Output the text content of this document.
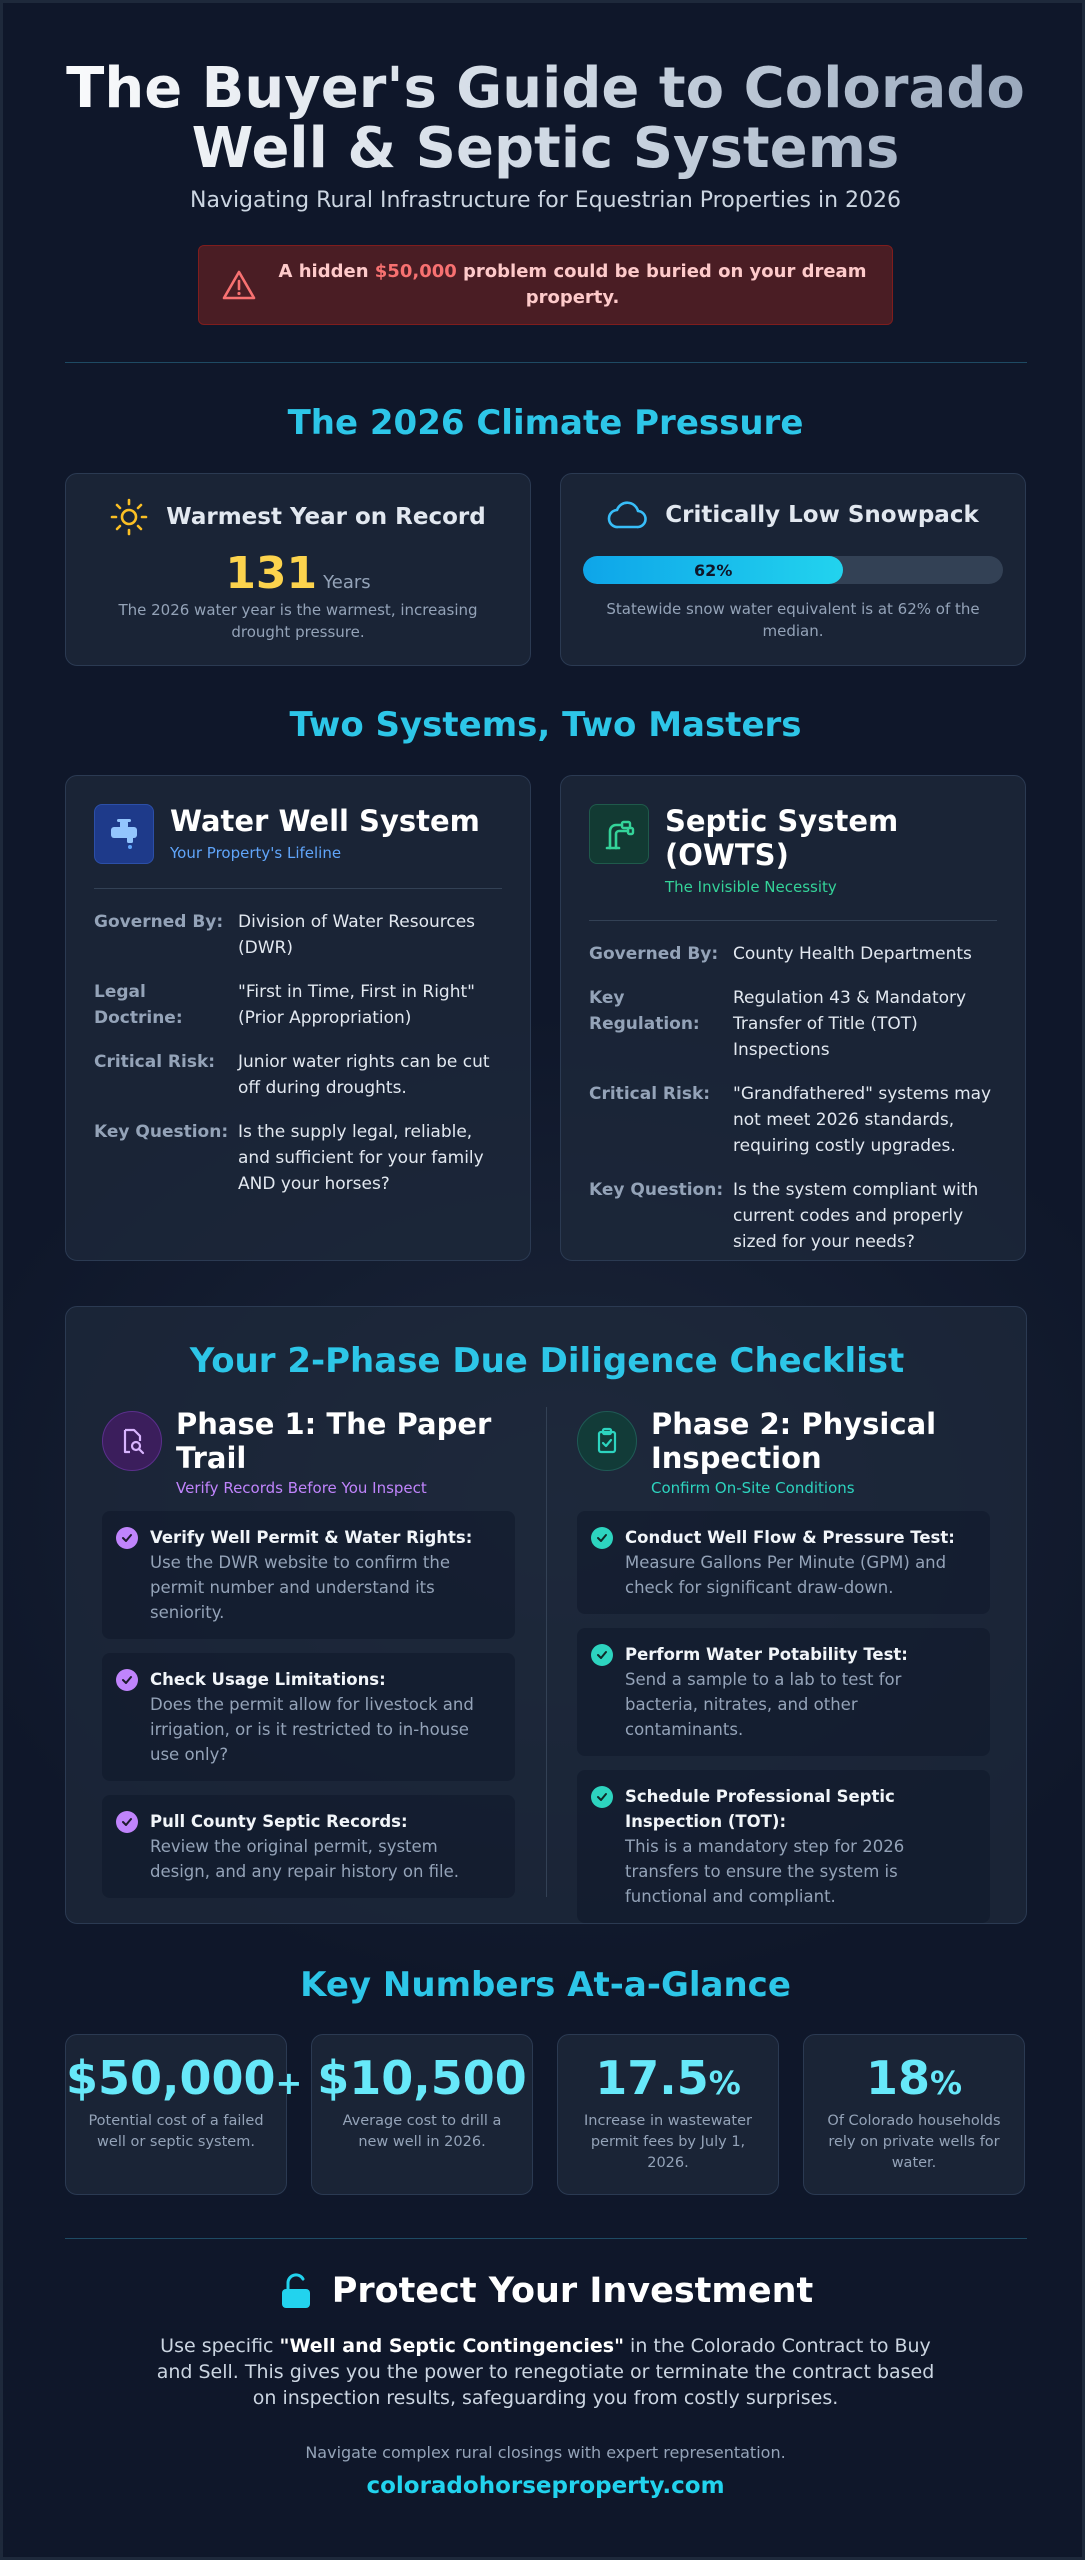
The Buyer's Guide to Colorado
Well & Septic Systems
Navigating Rural Infrastructure for Equestrian Properties in 2026
A hidden $50,000 problem could be buried on your dream property.
The 2026 Climate Pressure
Warmest Year on Record
131 Years
The 2026 water year is the warmest, increasing drought pressure.
Critically Low Snowpack
62%
Statewide snow water equivalent is at 62% of the median.
Two Systems, Two Masters
Water Well System
Your Property's Lifeline
Governed By: Division of Water Resources (DWR)
Legal Doctrine:
"First in Time, First in Right" (Prior Appropriation)
Critical Risk:	Junior water rights can be cut off during droughts.
Key Question: Is the supply legal, reliable, and sufficient for your family AND your horses?
Septic System (OWTS)
The Invisible Necessity
Governed By: County Health Departments
Key Regulation:
Regulation 43 & Mandatory Transfer of Title (TOT) Inspections
Critical Risk:	"Grandfathered" systems may not meet 2026 standards, requiring costly upgrades.
Key Question: Is the system compliant with current codes and properly sized for your needs?
Your 2-Phase Due Diligence Checklist
Phase 1: The Paper Trail
Verify Records Before You Inspect
Verify Well Permit & Water Rights:
Use the DWR website to confirm the permit number and understand its seniority.
Check Usage Limitations:
Does the permit allow for livestock and irrigation, or is it restricted to in-house use only?
Pull County Septic Records:
Review the original permit, system design, and any repair history on file.
Phase 2: Physical Inspection
Confirm On-Site Conditions
Conduct Well Flow & Pressure Test:
Measure Gallons Per Minute (GPM) and check for significant draw-down.
Perform Water Potability Test:
Send a sample to a lab to test for bacteria, nitrates, and other contaminants.
Schedule Professional Septic Inspection (TOT):
This is a mandatory step for 2026 transfers to ensure the system is functional and compliant.
Key Numbers At-a-Glance
$50,000+
Potential cost of a failed well or septic system.
$10,500
Average cost to drill a new well in 2026.
17.5%
Increase in wastewater permit fees by July 1, 2026.
18%
Of Colorado households rely on private wells for water.
Protect Your Investment
Use specific "Well and Septic Contingencies" in the Colorado Contract to Buy and Sell. This gives you the power to renegotiate or terminate the contract based on inspection results, safeguarding you from costly surprises.
Navigate complex rural closings with expert representation.
coloradohorseproperty.com
